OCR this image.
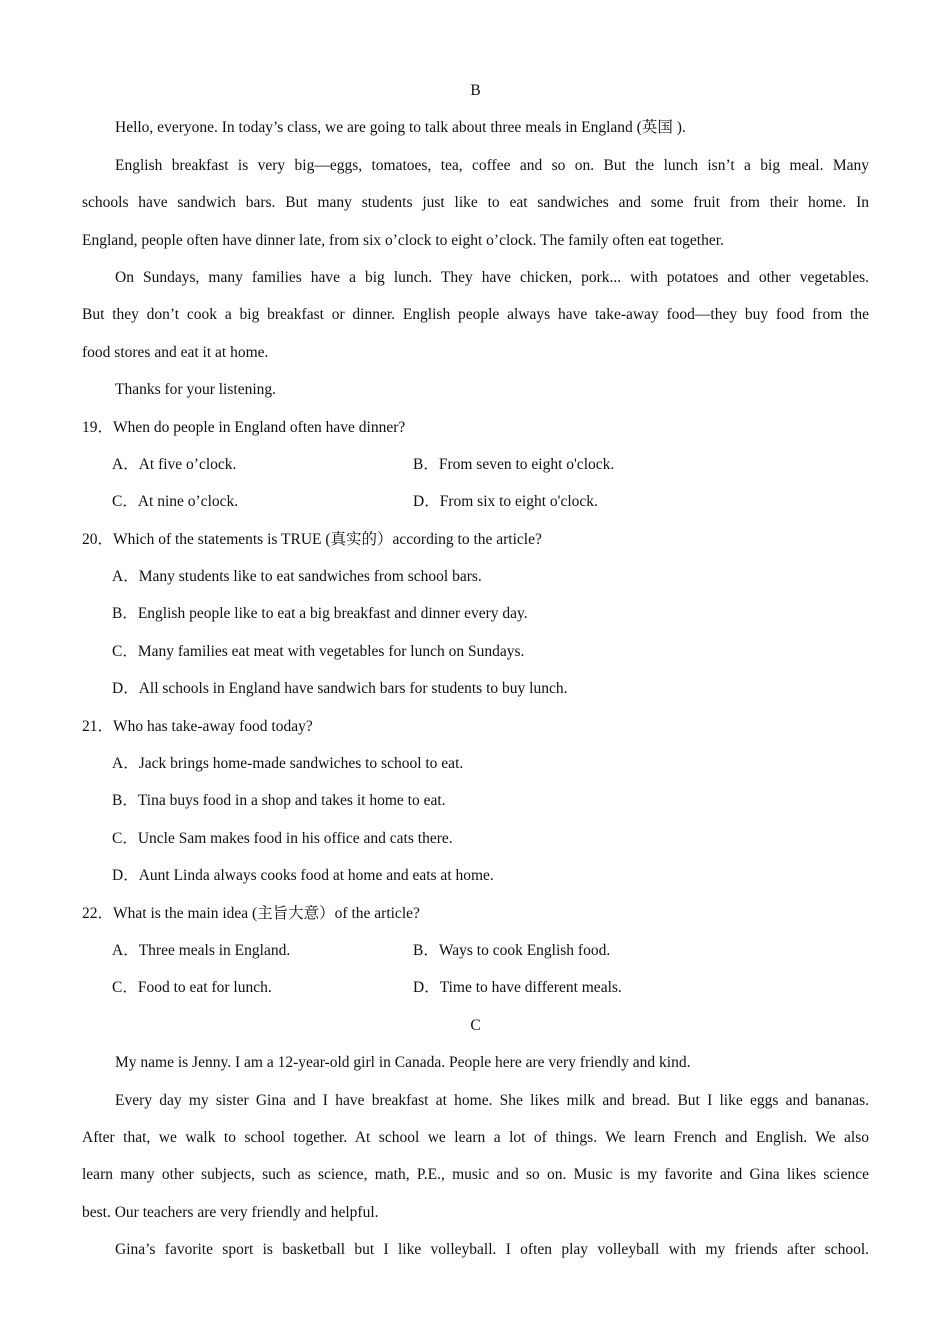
B
Hello, everyone. In today’s class, we are going to talk about three meals in England (英国 ).
English breakfast is very big—eggs, tomatoes, tea, coffee and so on. But the lunch isn’t a big meal. Many
schools have sandwich bars. But many students just like to eat sandwiches and some fruit from their home. In
England, people often have dinner late, from six o’clock to eight o’clock. The family often eat together.
On Sundays, many families have a big lunch. They have chicken, pork... with potatoes and other vegetables.
But they don’t cook a big breakfast or dinner. English people always have take-away food—they buy food from the
food stores and eat it at home.
Thanks for your listening.
19．When do people in England often have dinner?
A．At five o’clock.	B．From seven to eight o'clock.
C．At nine o’clock.	D．From six to eight o'clock.
20．Which of the statements is TRUE (真实的）according to the article?
A．Many students like to eat sandwiches from school bars.
B．English people like to eat a big breakfast and dinner every day.
C．Many families eat meat with vegetables for lunch on Sundays.
D．All schools in England have sandwich bars for students to buy lunch.
21．Who has take-away food today?
A．Jack brings home-made sandwiches to school to eat.
B．Tina buys food in a shop and takes it home to eat.
C．Uncle Sam makes food in his office and cats there.
D．Aunt Linda always cooks food at home and eats at home.
22．What is the main idea (主旨大意）of the article?
A．Three meals in England.	B．Ways to cook English food.
C．Food to eat for lunch.	D．Time to have different meals.
C
My name is Jenny. I am a 12-year-old girl in Canada. People here are very friendly and kind.
Every day my sister Gina and I have breakfast at home. She likes milk and bread. But I like eggs and bananas.
After that, we walk to school together. At school we learn a lot of things. We learn French and English. We also
learn many other subjects, such as science, math, P.E., music and so on. Music is my favorite and Gina likes science
best. Our teachers are very friendly and helpful.
Gina’s favorite sport is basketball but I like volleyball. I often play volleyball with my friends after school.
